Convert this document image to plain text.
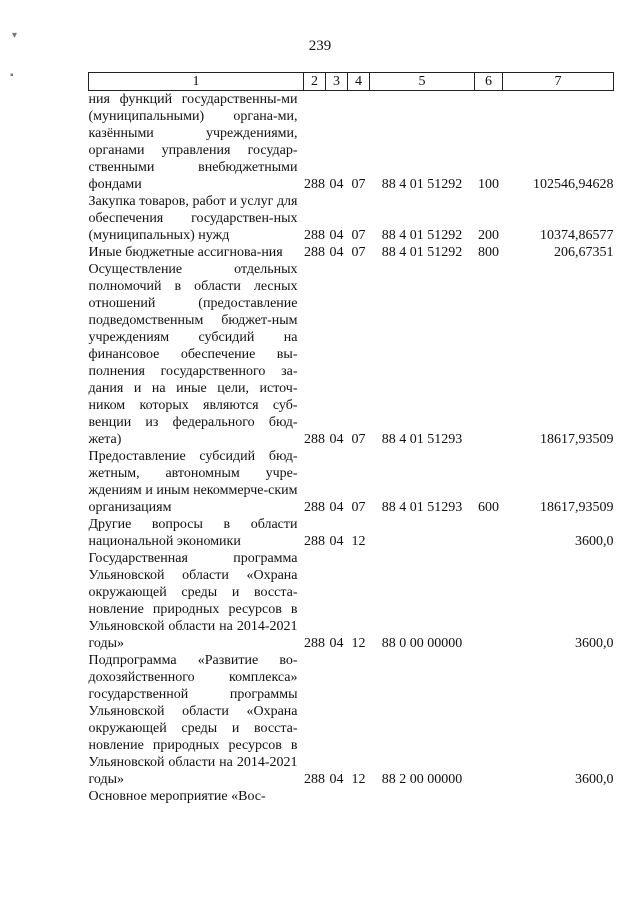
239
▾
▪	1	2	3	4	5	6	7
ния функций государственны-ми (муниципальными) органа-ми, казёнными учреждениями, органами управления государ-ственными внебюджетными фондами	288	04	07	88 4 01 51292	100	102546,94628
Закупка товаров, работ и услуг для обеспечения государствен-ных (муниципальных) нужд	288	04	07	88 4 01 51292	200	10374,86577
Иные бюджетные ассигнова-ния	288	04	07	88 4 01 51292	800	206,67351
Осуществление отдельных полномочий в области лесных отношений (предоставление подведомственным бюджет-ным учреждениям субсидий на финансовое обеспечение вы-полнения государственного за-дания и на иные цели, источ-ником которых являются суб-венции из федерального бюд-жета)	288	04	07	88 4 01 51293		18617,93509
Предоставление субсидий бюд-жетным, автономным учре-ждениям и иным некоммерче-ским организациям	288	04	07	88 4 01 51293	600	18617,93509
Другие вопросы в области национальной экономики	288	04	12			3600,0
Государственная программа Ульяновской области «Охрана окружающей среды и восста-новление природных ресурсов в Ульяновской области на 2014-2021 годы»	288	04	12	88 0 00 00000		3600,0
Подпрограмма «Развитие во-дохозяйственного комплекса» государственной программы Ульяновской области «Охрана окружающей среды и восста-новление природных ресурсов в Ульяновской области на 2014-2021 годы»	288	04	12	88 2 00 00000		3600,0
Основное мероприятие «Вос-						
